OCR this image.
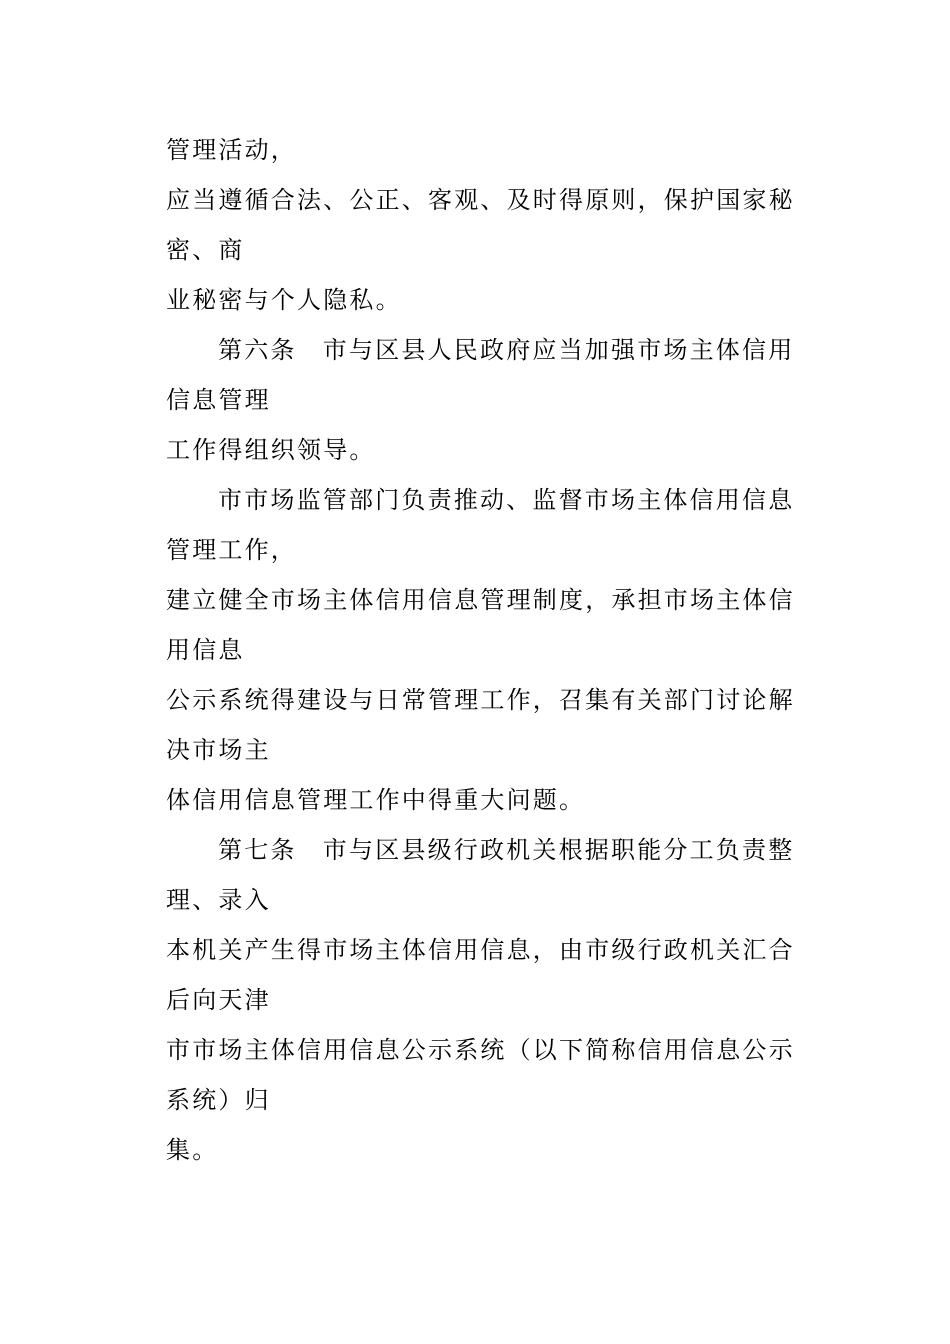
管理活动，

应当遵循合法、公正、客观、及时得原则，保护国家秘

密、商

业秘密与个人隐私。

第六条　市与区县人民政府应当加强市场主体信用

信息管理

工作得组织领导。

市市场监管部门负责推动、监督市场主体信用信息

管理工作，

建立健全市场主体信用信息管理制度，承担市场主体信

用信息

公示系统得建设与日常管理工作，召集有关部门讨论解

决市场主

体信用信息管理工作中得重大问题。

第七条　市与区县级行政机关根据职能分工负责整

理、录入

本机关产生得市场主体信用信息，由市级行政机关汇合

后向天津

市市场主体信用信息公示系统（以下简称信用信息公示

系统）归

集。
